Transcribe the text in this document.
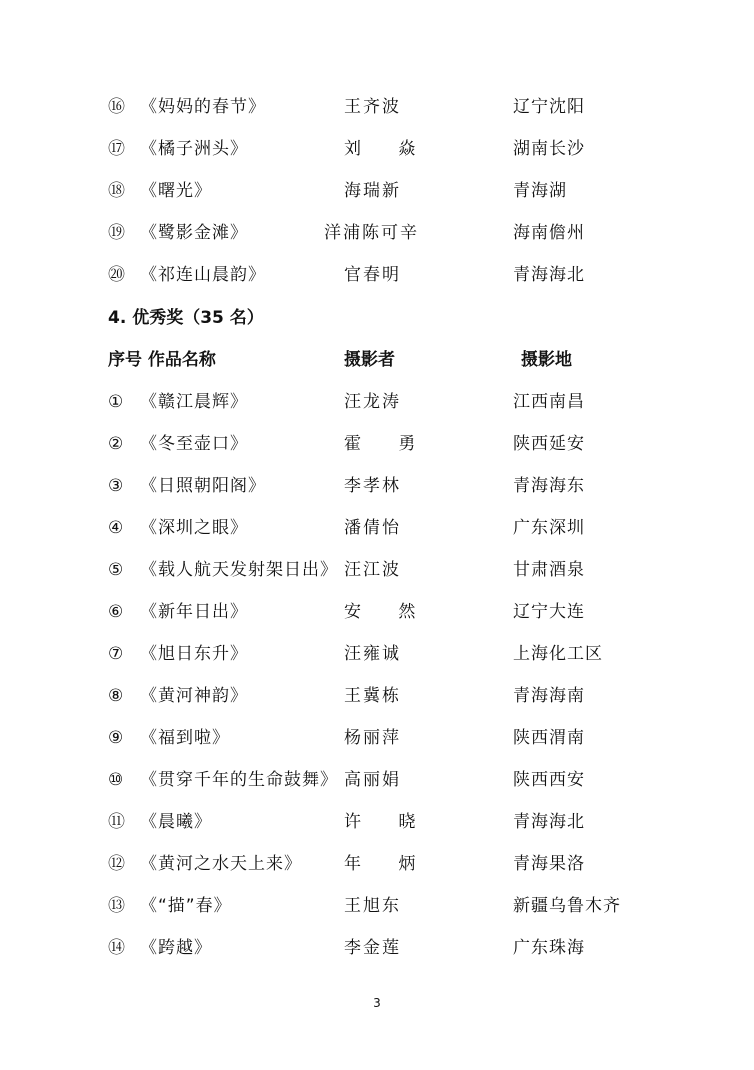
⑯ 《妈妈的春节》	王齐波	辽宁沈阳
⑰ 《橘子洲头》	刘 焱	湖南长沙
⑱ 《曙光》	海瑞新	青海湖
⑲ 《鹭影金滩》	洋浦陈可辛	海南儋州
⑳ 《祁连山晨韵》	官春明	青海海北
4. 优秀奖（35 名）
序号 作品名称	摄影者	摄影地
① 《赣江晨辉》	汪龙涛	江西南昌
② 《冬至壶口》	霍 勇	陕西延安
③ 《日照朝阳阁》	李孝林	青海海东
④ 《深圳之眼》	潘倩怡	广东深圳
⑤ 《载人航天发射架日出》 汪江波	甘肃酒泉
⑥ 《新年日出》	安 然	辽宁大连
⑦ 《旭日东升》	汪雍诚	上海化工区
⑧ 《黄河神韵》	王冀栋	青海海南
⑨ 《福到啦》	杨丽萍	陕西渭南
⑩ 《贯穿千年的生命鼓舞》 高丽娟	陕西西安
⑪ 《晨曦》	许 晓	青海海北
⑫ 《黄河之水天上来》 年 炳	青海果洛
⑬ 《“描”春》	王旭东	新疆乌鲁木齐
⑭ 《跨越》	李金莲	广东珠海
3
